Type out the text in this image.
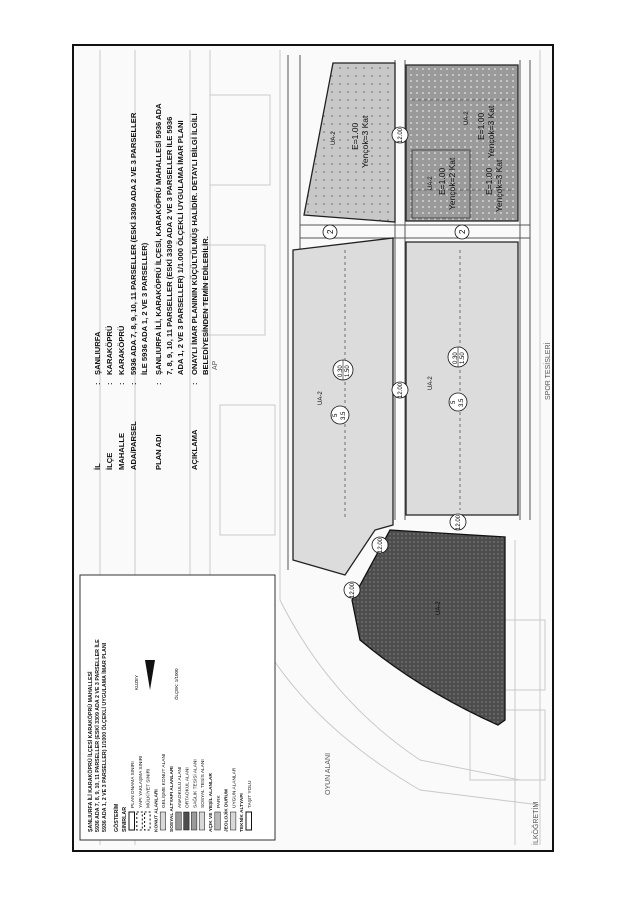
UA-2
UA-2
UA-2
UA-2
UA-2
UA-2
E=1.00 Yençok=3 Kat	E=1.00 Yençok=3 Kat
E=1.00 Yençok=2 Kat	E=1.00 Yençok=3 Kat
0.30 1.50
0.30 1.50
5 3.5
5 3.5
12.00
12.00
12.00
12.00
12.00
2	2
SPOR TESİSLERİ
OYUN ALANI
İLKÖĞRETİM
AP
ŞANLIURFA İLİ KARAKÖPRÜ İLÇESİ KARAKÖPRÜ MAHALLESİ 5936 ADA 7, 8, 9, 10, 11 PARSELLER (ESKİ 3309 ADA 2 VE 3 PARSELLER İLE 5936 ADA 1, 2 VE 3 PARSELLER) 1/1000 ÖLÇEKLİ UYGULAMA İMAR PLANI GÖSTERİM SINIRLAR
PLAN ONAMA SINIRI YAPI YAKLAŞMA SINIRI MÜLKİYET SINIRI
KONUT ALANLARI
GELİŞME KONUT ALANI SOSYAL ALTYAPI ALANLARI ANAOKULU ALANI ORTAOKUL ALANI SAĞLIK TESİSİ ALANI SOSYAL TESİS ALANI AÇIK VE YEŞİL ALANLAR PARK JEOLOJİK DURUM
UYGUN ALANLAR
TEKNİK ALTYAPI TAŞIT YOLU
KUZEY	ÖLÇEK: 1/1000
İL
:
ŞANLIURFA
İLÇE
:
KARAKÖPRÜ
MAHALLE
:
KARAKÖPRÜ
ADA/PARSEL
:
5936 ADA 7, 8, 9, 10, 11 PARSELLER (ESKİ 3309 ADA 2 VE 3 PARSELLER İLE 5936 ADA 1, 2 VE 3 PARSELLER)
PLAN ADI
:
ŞANLIURFA İLİ, KARAKÖPRÜ İLÇESİ, KARAKÖPRÜ MAHALLESİ 5936 ADA 7, 8, 9, 10, 11 PARSELLER (ESKİ 3309 ADA 2 VE 3 PARSELLER İLE 5936 ADA 1, 2 VE 3 PARSELLER) 1/1.000 ÖLÇEKLİ UYGULAMA İMAR PLANI
AÇIKLAMA
:
ONAYLI İMAR PLANININ KÜÇÜLTÜLMÜŞ HALİDİR. DETAYLI BİLGİ İLGİLİ BELEDİYESİNDEN TEMİN EDİLEBİLİR.
